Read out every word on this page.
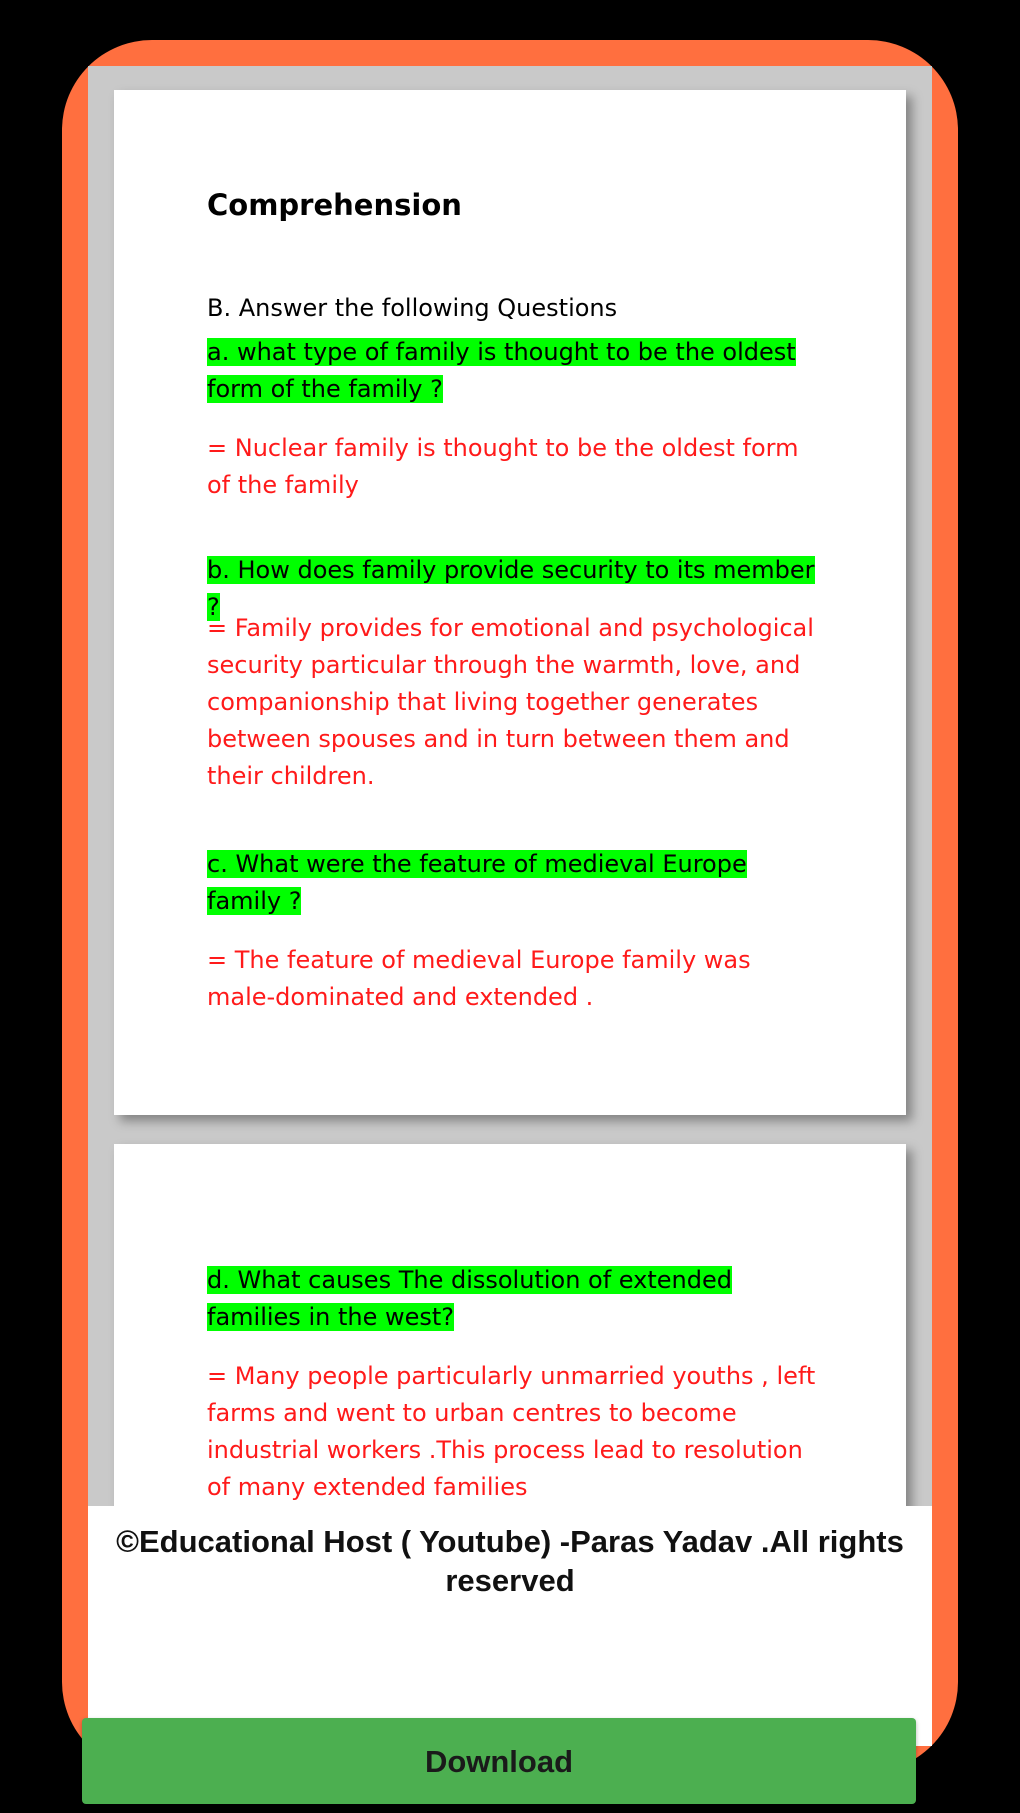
Comprehension
B. Answer the following Questions
a. what type of family is thought to be the oldest form of the family ?
= Nuclear family is thought to be the oldest form of the family
b. How does family provide security to its member ?
= Family provides for emotional and psychological security particular through the warmth, love, and companionship that living together generates between spouses and in turn between them and their children.
c. What were the feature of medieval Europe family ?
= The feature of medieval Europe family was male-dominated and extended .
d. What causes The dissolution of extended families in the west?
= Many people particularly unmarried youths , left farms and went to urban centres to become industrial workers .This process lead to resolution of many extended families
©Educational Host ( Youtube) -Paras Yadav .All rights reserved
Download
